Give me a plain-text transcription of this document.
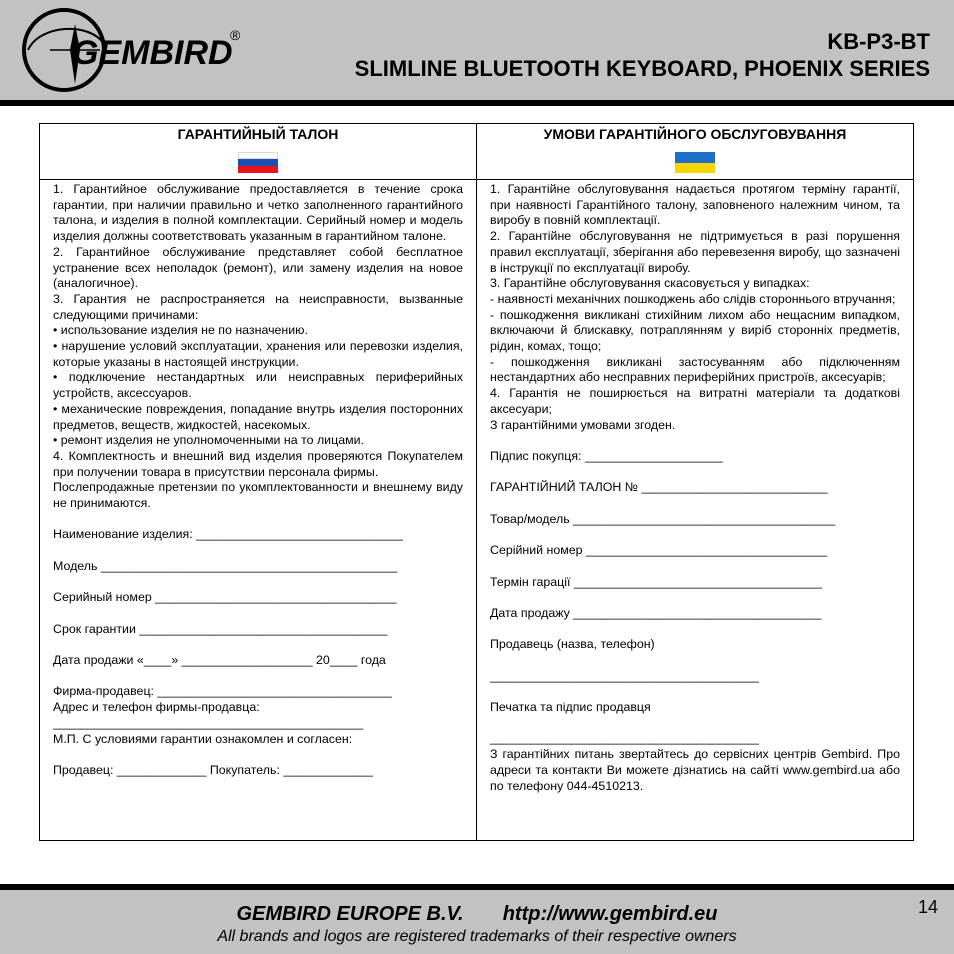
GEMBIRD
®	KB-P3-BT
SLIMLINE BLUETOOTH KEYBOARD, PHOENIX SERIES
ГАРАНТИЙНЫЙ ТАЛОН

1. Гарантийное обслуживание предоставляется в течение срока гарантии, при наличии правильно и четко заполненного гарантийного талона, и изделия в полной комплектации. Серийный номер и модель изделия должны соответствовать указанным в гарантийном талоне.

2. Гарантийное обслуживание представляет собой бесплатное устранение всех неполадок (ремонт), или замену изделия на новое (аналогичное).

3. Гарантия не распространяется на неисправности, вызванные следующими причинами:

• использование изделия не по назначению.

• нарушение условий эксплуатации, хранения или перевозки изделия, которые указаны в настоящей инструкции.

• подключение нестандартных или неисправных периферийных устройств, аксессуаров.

• механические повреждения, попадание внутрь изделия посторонних предметов, веществ, жидкостей, насекомых.

• ремонт изделия не уполномоченными на то лицами.

4. Комплектность и внешний вид изделия проверяются Покупателем при получении товара в присутствии персонала фирмы.

Послепродажные претензии по укомплектованности и внешнему виду не принимаются.

Наименование изделия: ______________________________

Модель ___________________________________________

Серийный номер ___________________________________

Срок гарантии ____________________________________

Дата продажи «____» ___________________ 20____ года

Фирма-продавец: __________________________________

Адрес и телефон фирмы-продавца:

_____________________________________________

М.П. С условиями гарантии ознакомлен и согласен:

Продавец: _____________ Покупатель: _____________

УМОВИ ГАРАНТІЙНОГО ОБСЛУГОВУВАННЯ

1. Гарантійне обслуговування надається протягом терміну гарантії, при наявності Гарантійного талону, заповненого належним чином, та виробу в повній комплектації.

2. Гарантійне обслуговування не підтримується в разі порушення правил експлуатації, зберігання або перевезення виробу, що зазначені в інструкції по експлуатації виробу.

3. Гарантійне обслуговування скасовується у випадках:

- наявності механічних пошкоджень або слідів стороннього втручання;

- пошкодження викликані стихійним лихом або нещасним випадком, включаючи й блискавку, потраплянням у виріб сторонніх предметів, рідин, комах, тощо;

- пошкодження викликані застосуванням або підключенням нестандартних або несправних периферійних пристроїв, аксесуарів;

4. Гарантія не поширюється на витратні матеріали та додаткові аксесуари;

З гарантійними умовами згоден.

Підпис покупця: ____________________

ГАРАНТІЙНИЙ ТАЛОН № ___________________________

Товар/модель ______________________________________

Серійний номер ___________________________________

Термін гарації ____________________________________

Дата продажу ____________________________________

Продавець (назва, телефон)

_______________________________________

Печатка та підпис продавця

_______________________________________

З гарантійних питань звертайтесь до сервісних центрів Gembird. Про адреси та контакти Ви можете дізнатись на сайті www.gembird.ua або по телефону 044-4510213.

GEMBIRD EUROPE B.V. http://www.gembird.eu
All brands and logos are registered trademarks of their respective owners
14
